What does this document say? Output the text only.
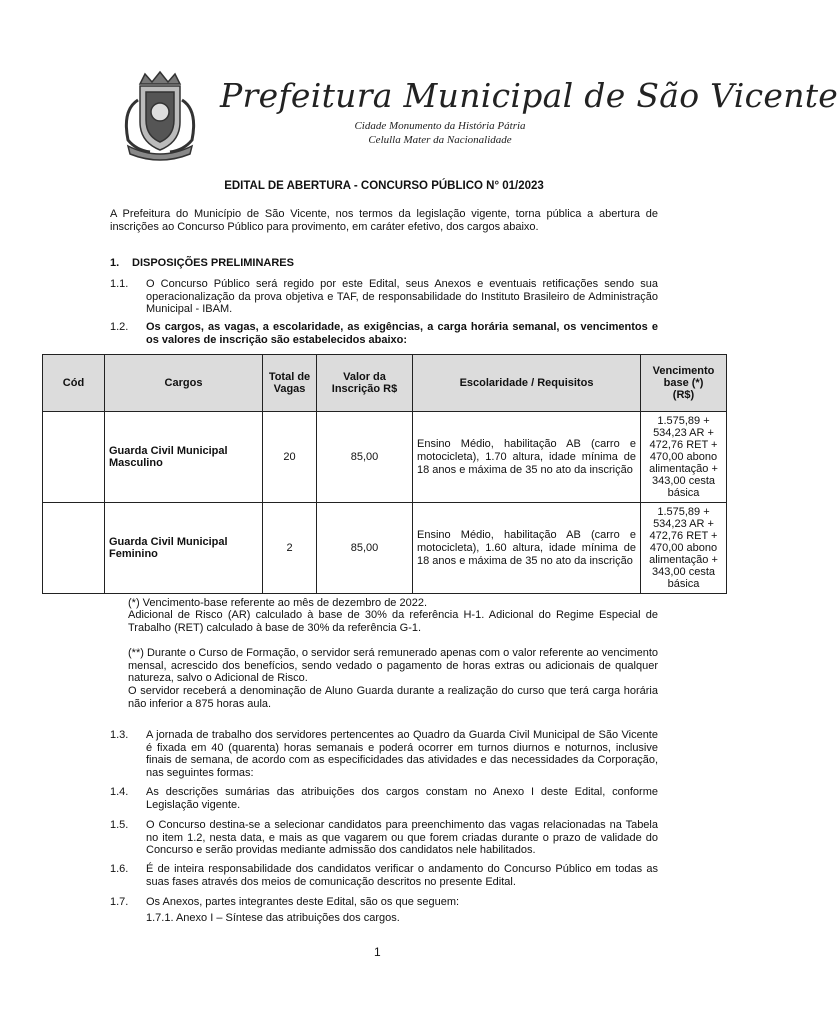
Prefeitura Municipal de São Vicente
Cidade Monumento da História Pátria
Celulla Mater da Nacionalidade
EDITAL DE ABERTURA - CONCURSO PÚBLICO N° 01/2023
A Prefeitura do Município de São Vicente, nos termos da legislação vigente, torna pública a abertura de inscrições ao Concurso Público para provimento, em caráter efetivo, dos cargos abaixo.
1. DISPOSIÇÕES PRELIMINARES
1.1. O Concurso Público será regido por este Edital, seus Anexos e eventuais retificações sendo sua operacionalização da prova objetiva e TAF, de responsabilidade do Instituto Brasileiro de Administração Municipal - IBAM.
1.2. Os cargos, as vagas, a escolaridade, as exigências, a carga horária semanal, os vencimentos e os valores de inscrição são estabelecidos abaixo:
Cód	Cargos	Total de Vagas	Valor da Inscrição R$	Escolaridade / Requisitos	Vencimento base (*)
(R$)

	Guarda Civil Municipal Masculino	20	85,00	Ensino Médio, habilitação AB (carro e motocicleta), 1.70 altura, idade mínima de 18 anos e máxima de 35 no ato da inscrição	1.575,89 + 534,23 AR + 472,76 RET + 470,00 abono alimentação + 343,00 cesta básica
	Guarda Civil Municipal Feminino	2	85,00	Ensino Médio, habilitação AB (carro e motocicleta), 1.60 altura, idade mínima de 18 anos e máxima de 35 no ato da inscrição	1.575,89 + 534,23 AR + 472,76 RET + 470,00 abono alimentação + 343,00 cesta básica
(*) Vencimento-base referente ao mês de dezembro de 2022.
Adicional de Risco (AR) calculado à base de 30% da referência H-1. Adicional do Regime Especial de Trabalho (RET) calculado à base de 30% da referência G-1.
(**) Durante o Curso de Formação, o servidor será remunerado apenas com o valor referente ao vencimento mensal, acrescido dos benefícios, sendo vedado o pagamento de horas extras ou adicionais de qualquer natureza, salvo o Adicional de Risco.
O servidor receberá a denominação de Aluno Guarda durante a realização do curso que terá carga horária não inferior a 875 horas aula.
1.3. A jornada de trabalho dos servidores pertencentes ao Quadro da Guarda Civil Municipal de São Vicente é fixada em 40 (quarenta) horas semanais e poderá ocorrer em turnos diurnos e noturnos, inclusive finais de semana, de acordo com as especificidades das atividades e das necessidades da Corporação, nas seguintes formas:
1.4. As descrições sumárias das atribuições dos cargos constam no Anexo I deste Edital, conforme Legislação vigente.
1.5. O Concurso destina-se a selecionar candidatos para preenchimento das vagas relacionadas na Tabela no item 1.2, nesta data, e mais as que vagarem ou que forem criadas durante o prazo de validade do Concurso e serão providas mediante admissão dos candidatos nele habilitados.
1.6. É de inteira responsabilidade dos candidatos verificar o andamento do Concurso Público em todas as suas fases através dos meios de comunicação descritos no presente Edital.
1.7. Os Anexos, partes integrantes deste Edital, são os que seguem:
1.7.1. Anexo I – Síntese das atribuições dos cargos.
1
